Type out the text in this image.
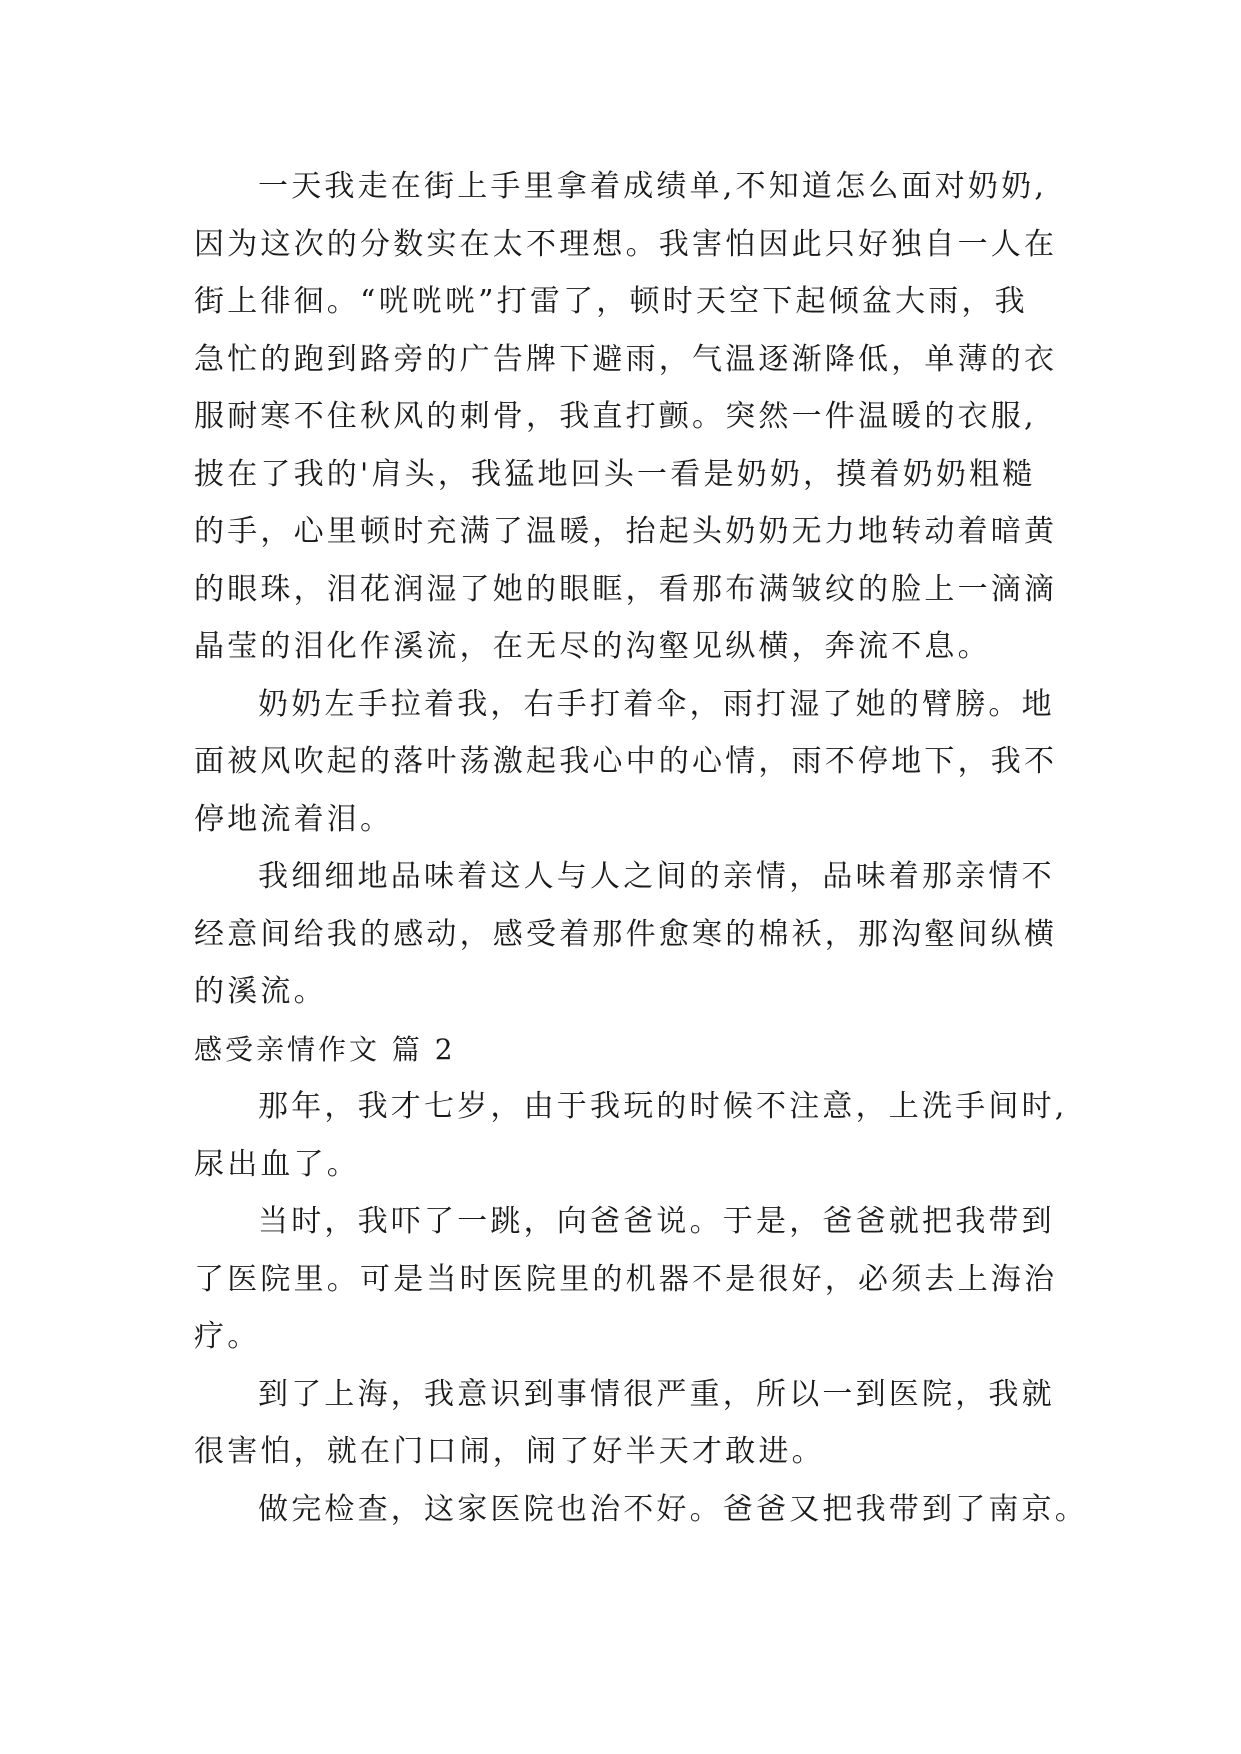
一天我走在街上手里拿着成绩单,不知道怎么面对奶奶,
因为这次的分数实在太不理想。我害怕因此只好独自一人在
街上徘徊。“咣咣咣”打雷了，顿时天空下起倾盆大雨，我
急忙的跑到路旁的广告牌下避雨，气温逐渐降低，单薄的衣
服耐寒不住秋风的刺骨，我直打颤。突然一件温暖的衣服,
披在了我的'肩头，我猛地回头一看是奶奶，摸着奶奶粗糙
的手，心里顿时充满了温暖，抬起头奶奶无力地转动着暗黄
的眼珠，泪花润湿了她的眼眶，看那布满皱纹的脸上一滴滴
晶莹的泪化作溪流，在无尽的沟壑见纵横，奔流不息。
奶奶左手拉着我，右手打着伞，雨打湿了她的臂膀。地
面被风吹起的落叶荡激起我心中的心情，雨不停地下，我不
停地流着泪。
我细细地品味着这人与人之间的亲情，品味着那亲情不
经意间给我的感动，感受着那件愈寒的棉袄，那沟壑间纵横
的溪流。
感受亲情作文 篇 2
那年，我才七岁，由于我玩的时候不注意，上洗手间时,
尿出血了。
当时，我吓了一跳，向爸爸说。于是，爸爸就把我带到
了医院里。可是当时医院里的机器不是很好，必须去上海治
疗。
到了上海，我意识到事情很严重，所以一到医院，我就
很害怕，就在门口闹，闹了好半天才敢进。
做完检查，这家医院也治不好。爸爸又把我带到了南京。
